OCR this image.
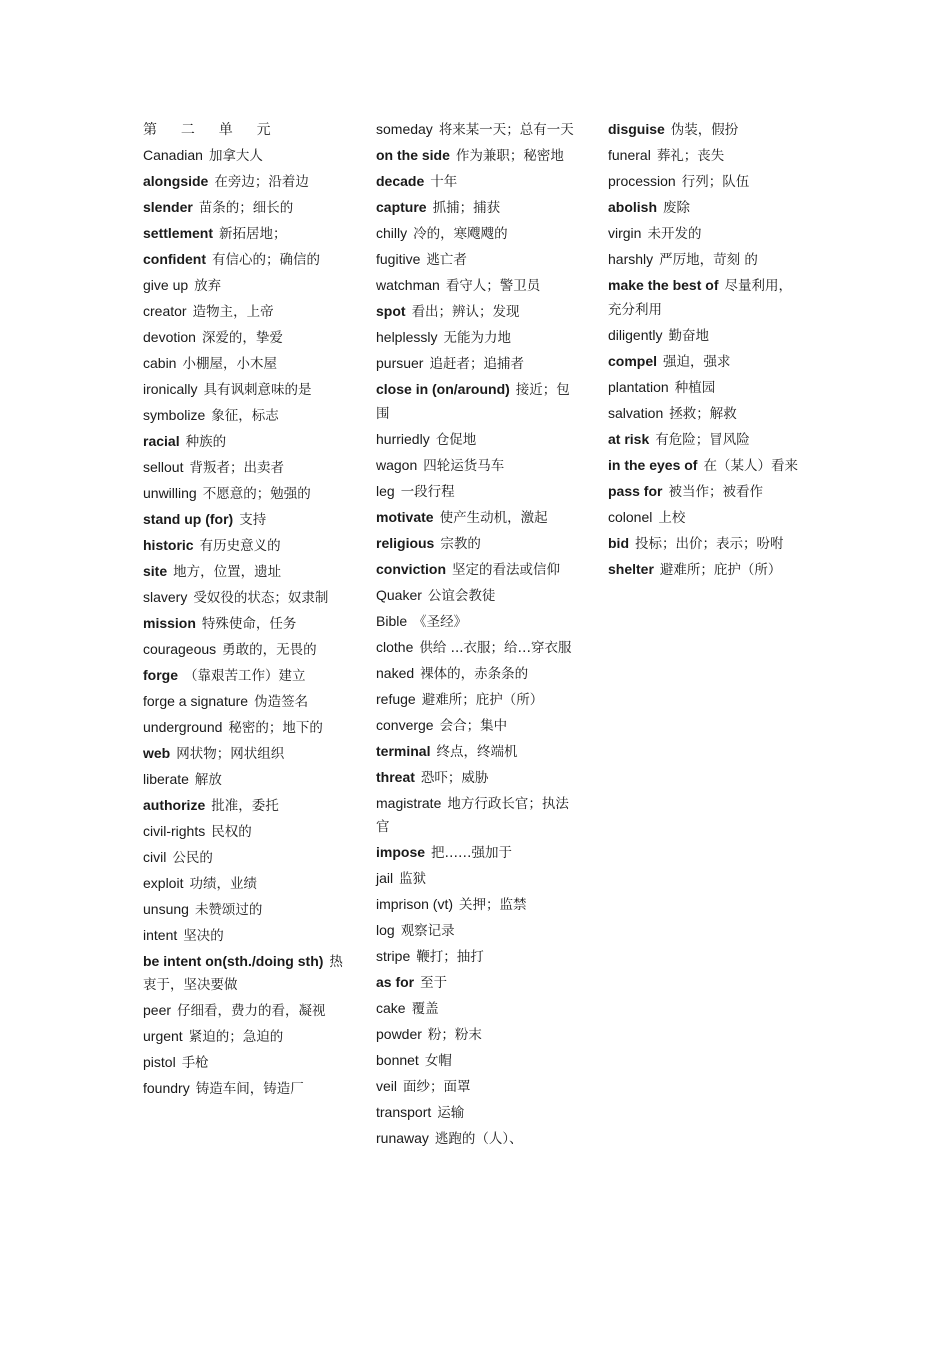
第 二 单 元
Canadian 加拿大人
alongside 在旁边；沿着边
slender 苗条的；细长的
settlement 新拓居地；
confident 有信心的；确信的
give up 放弃
creator 造物主，上帝
devotion 深爱的，挚爱
cabin 小棚屋，小木屋
ironically 具有讽刺意味的是
symbolize 象征，标志
racial 种族的
sellout 背叛者；出卖者
unwilling 不愿意的；勉强的
stand up (for) 支持
historic 有历史意义的
site 地方，位置，遗址
slavery 受奴役的状态；奴隶制
mission 特殊使命，任务
courageous 勇敢的，无畏的
forge （靠艰苦工作）建立
forge a signature 伪造签名
underground 秘密的；地下的
web 网状物；网状组织
liberate 解放
authorize 批准，委托
civil-rights 民权的
civil 公民的
exploit 功绩，业绩
unsung 未赞颂过的
intent 坚决的
be intent on(sth./doing sth) 热衷于，坚决要做
peer 仔细看，费力的看，凝视
urgent 紧迫的；急迫的
pistol 手枪
foundry 铸造车间，铸造厂
someday 将来某一天；总有一天
on the side 作为兼职；秘密地
decade 十年
capture 抓捕；捕获
chilly 冷的，寒飕飕的
fugitive 逃亡者
watchman 看守人；警卫员
spot 看出；辨认；发现
helplessly 无能为力地
pursuer 追赶者；追捕者
close in (on/around) 接近；包围
hurriedly 仓促地
wagon 四轮运货马车
leg 一段行程
motivate 使产生动机，激起
religious 宗教的
conviction 坚定的看法或信仰
Quaker 公谊会教徒
Bible 《圣经》
clothe 供给 ...衣服；给…穿衣服
naked 裸体的，赤条条的
refuge 避难所；庇护（所）
converge 会合；集中
terminal 终点，终端机
threat 恐吓；威胁
magistrate 地方行政长官；执法官
impose 把……强加于
jail 监狱
imprison (vt) 关押；监禁
log 观察记录
stripe 鞭打；抽打
as for 至于
cake 覆盖
powder 粉；粉末
bonnet 女帽
veil 面纱；面罩
transport 运输
runaway 逃跑的（人）、
disguise 伪装，假扮
funeral 葬礼；丧失
procession 行列；队伍
abolish 废除
virgin 未开发的
harshly 严厉地，苛刻 的
make the best of 尽量利用，充分利用
diligently 勤奋地
compel 强迫，强求
plantation 种植园
salvation 拯救；解救
at risk 有危险；冒风险
in the eyes of 在（某人）看来
pass for 被当作；被看作
colonel 上校
bid 投标；出价；表示；吩咐
shelter 避难所；庇护（所）
